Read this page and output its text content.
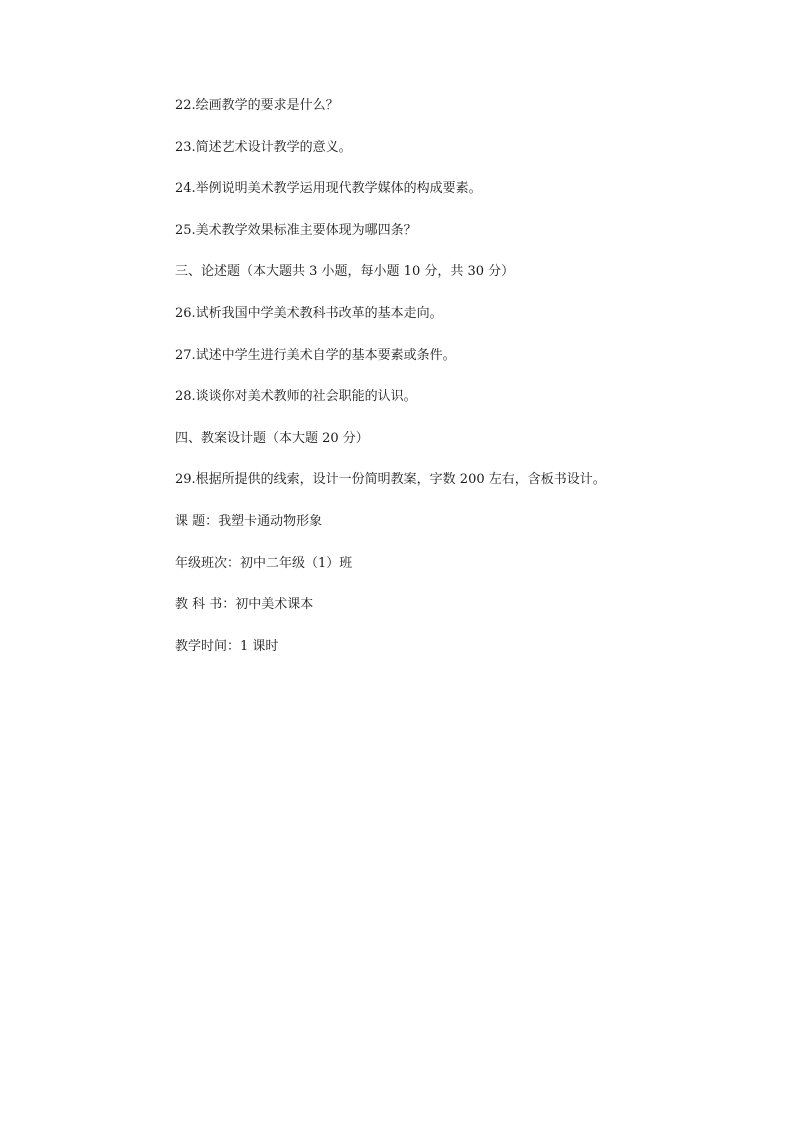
22.绘画教学的要求是什么？
23.简述艺术设计教学的意义。
24.举例说明美术教学运用现代教学媒体的构成要素。
25.美术教学效果标准主要体现为哪四条？
三、论述题（本大题共 3 小题，每小题 10 分，共 30 分）
26.试析我国中学美术教科书改革的基本走向。
27.试述中学生进行美术自学的基本要素或条件。
28.谈谈你对美术教师的社会职能的认识。
四、教案设计题（本大题 20 分）
29.根据所提供的线索，设计一份简明教案，字数 200 左右，含板书设计。
课 题：我塑卡通动物形象
年级班次：初中二年级（1）班
教 科 书：初中美术课本
教学时间：1 课时
